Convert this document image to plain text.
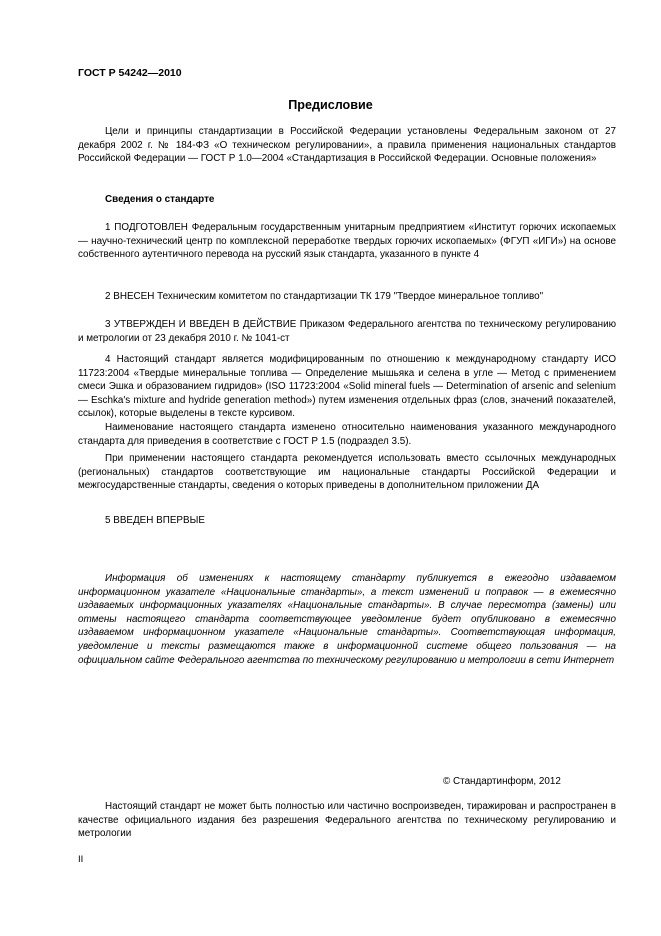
ГОСТ Р 54242—2010
Предисловие

Цели и принципы стандартизации в Российской Федерации установлены Федеральным законом от 27 декабря 2002 г. № 184-ФЗ «О техническом регулировании», а правила применения национальных стандартов Российской Федерации — ГОСТ Р 1.0—2004 «Стандартизация в Российской Федерации. Основные положения»

Сведения о стандарте

1 ПОДГОТОВЛЕН Федеральным государственным унитарным предприятием «Институт горючих ископаемых — научно-технический центр по комплексной переработке твердых горючих ископаемых» (ФГУП «ИГИ») на основе собственного аутентичного перевода на русский язык стандарта, указанного в пункте 4

2 ВНЕСЕН Техническим комитетом по стандартизации ТК 179 "Твердое минеральное топливо"

3 УТВЕРЖДЕН И ВВЕДЕН В ДЕЙСТВИЕ Приказом Федерального агентства по техническому регулированию и метрологии от 23 декабря 2010 г. № 1041-ст

4 Настоящий стандарт является модифицированным по отношению к международному стандарту ИСО 11723:2004 «Твердые минеральные топлива — Определение мышьяка и селена в угле — Метод с применением смеси Эшка и образованием гидридов» (ISO 11723:2004 «Solid mineral fuels — Determination of arsenic and selenium — Eschka's mixture and hydride generation method») путем изменения отдельных фраз (слов, значений показателей, ссылок), которые выделены в тексте курсивом.

Наименование настоящего стандарта изменено относительно наименования указанного международного стандарта для приведения в соответствие с ГОСТ Р 1.5 (подраздел 3.5).

При применении настоящего стандарта рекомендуется использовать вместо ссылочных международных (региональных) стандартов соответствующие им национальные стандарты Российской Федерации и межгосударственные стандарты, сведения о которых приведены в дополнительном приложении ДА

5 ВВЕДЕН ВПЕРВЫЕ

Информация об изменениях к настоящему стандарту публикуется в ежегодно издаваемом информационном указателе «Национальные стандарты», а текст изменений и поправок — в ежемесячно издаваемых информационных указателях «Национальные стандарты». В случае пересмотра (замены) или отмены настоящего стандарта соответствующее уведомление будет опубликовано в ежемесячно издаваемом информационном указателе «Национальные стандарты». Соответствующая информация, уведомление и тексты размещаются также в информационной системе общего пользования — на официальном сайте Федерального агентства по техническому регулированию и метрологии в сети Интернет

© Стандартинформ, 2012

Настоящий стандарт не может быть полностью или частично воспроизведен, тиражирован и распространен в качестве официального издания без разрешения Федерального агентства по техническому регулированию и метрологии

II
